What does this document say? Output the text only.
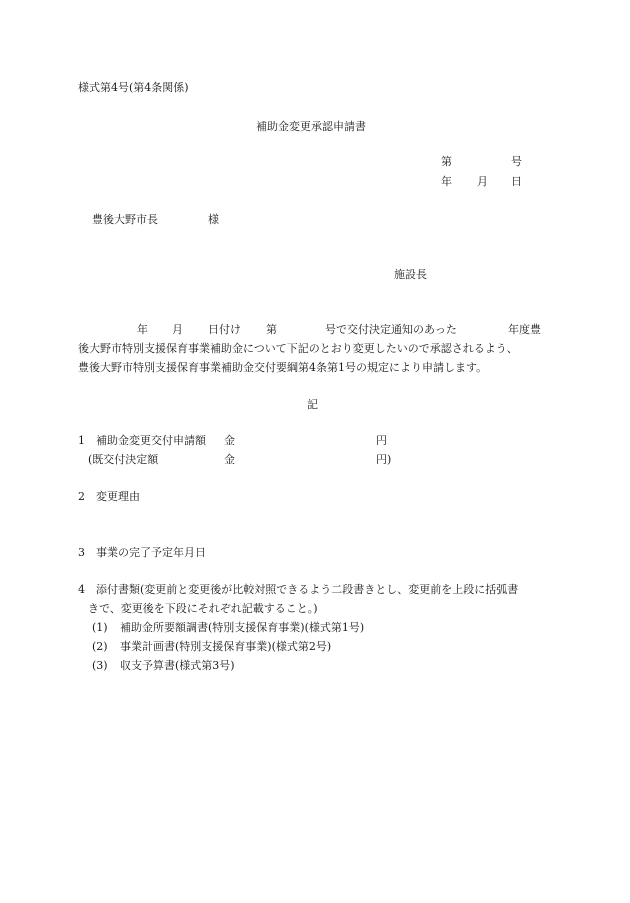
様式第4号(第4条関係)
補助金変更承認申請書
第	号
年 月 日
豊後大野市長	様
施設長
年 月 日付け 第	号で交付決定通知のあった	年度豊
後大野市特別支援保育事業補助金について下記のとおり変更したいので承認されるよう、
豊後大野市特別支援保育事業補助金交付要綱第4条第1号の規定により申請します。
記
1 補助金変更交付申請額 金	円
(既交付決定額	金	円)
2 変更理由
3 事業の完了予定年月日
4 添付書類(変更前と変更後が比較対照できるよう二段書きとし、変更前を上段に括弧書
きで、変更後を下段にそれぞれ記載すること。)
(1) 補助金所要額調書(特別支援保育事業)(様式第1号)
(2) 事業計画書(特別支援保育事業)(様式第2号)
(3) 収支予算書(様式第3号)
